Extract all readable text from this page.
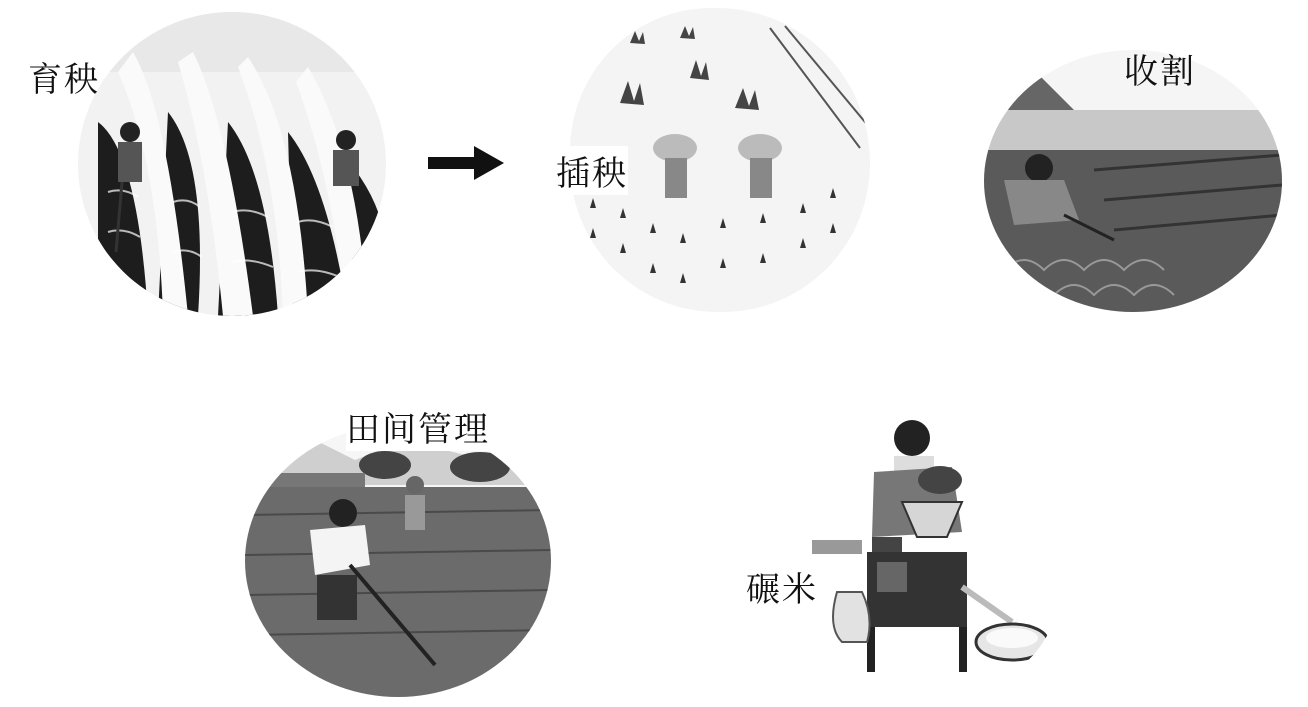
育秧
插秧
收割
田间管理
碾米
